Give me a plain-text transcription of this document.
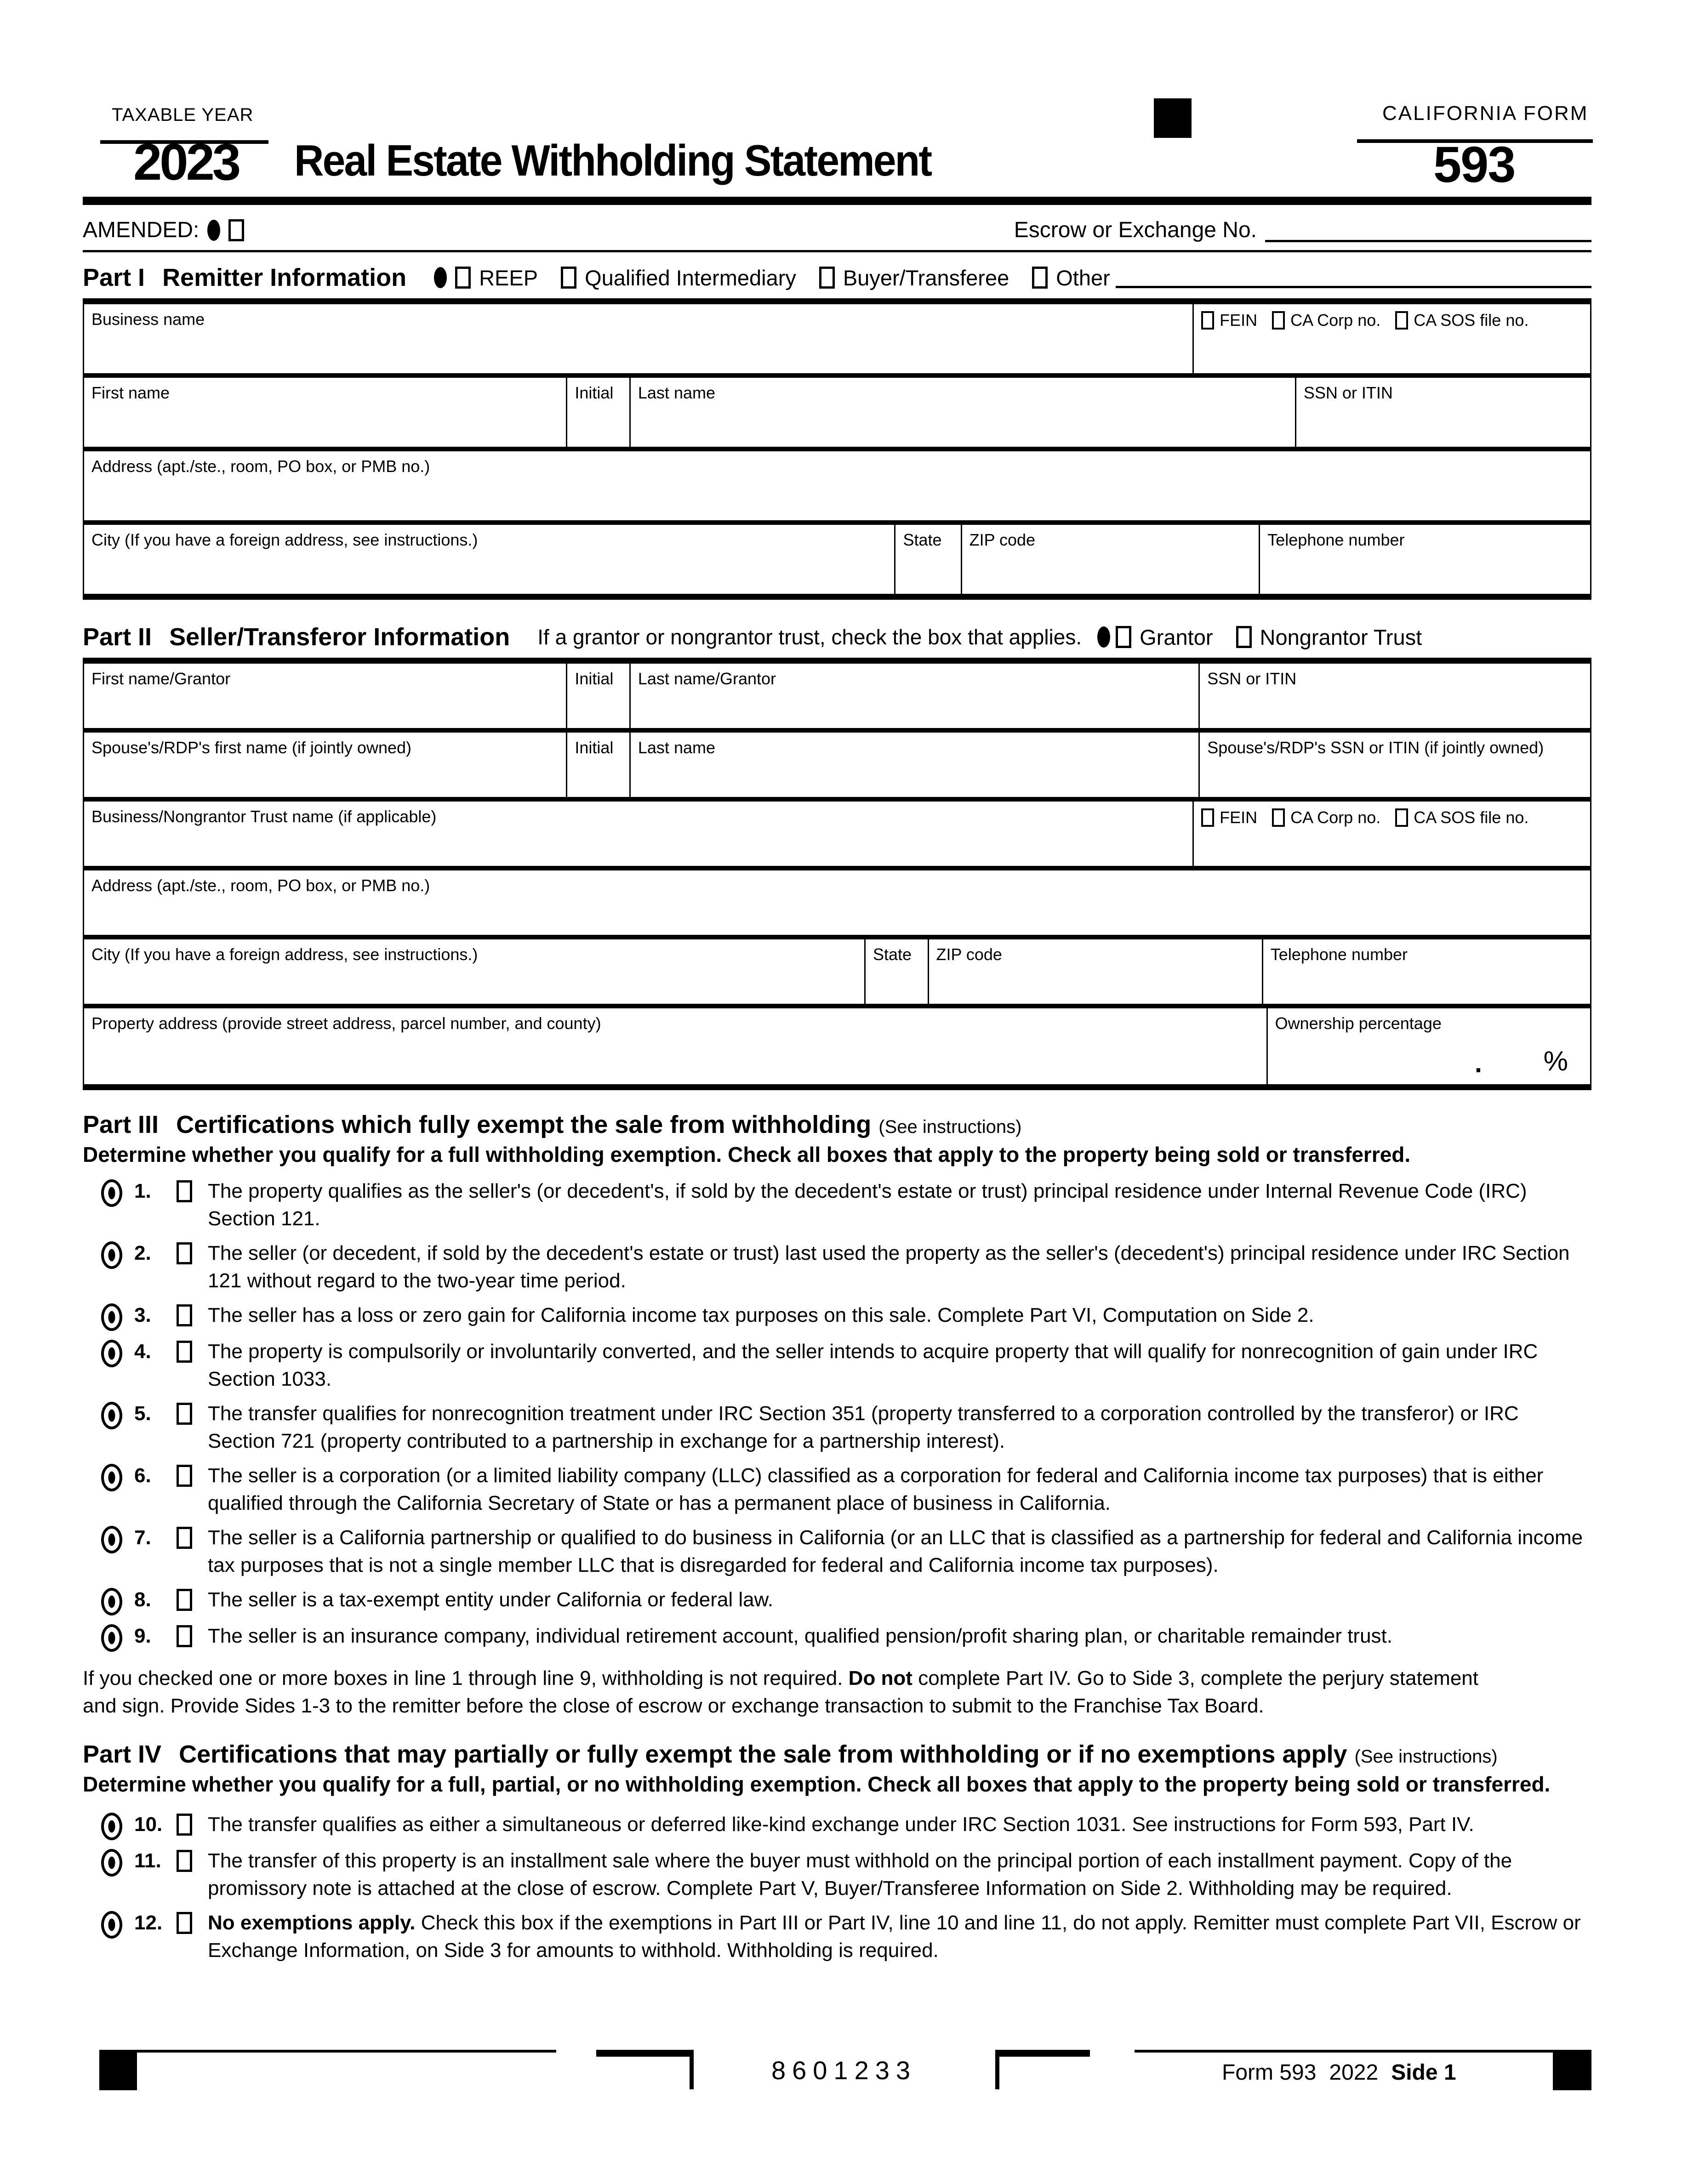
TAXABLE YEAR
2023 Real Estate Withholding Statement
CALIFORNIA FORM
593
AMENDED:	Escrow or Exchange No.
Part I Remitter Information	REEP Qualified Intermediary Buyer/Transferee Other
Business name	FEIN CA Corp no. CA SOS file no.
First name	Initial	Last name	SSN or ITIN
Address (apt./ste., room, PO box, or PMB no.)
City (If you have a foreign address, see instructions.)	State	ZIP code	Telephone number
Part II Seller/Transferor Information If a grantor or nongrantor trust, check the box that applies.	Grantor Nongrantor Trust
First name/Grantor	Initial	Last name/Grantor	SSN or ITIN
Spouse's/RDP's first name (if jointly owned)	Initial	Last name	Spouse's/RDP's SSN or ITIN (if jointly owned)
Business/Nongrantor Trust name (if applicable)	FEIN CA Corp no. CA SOS file no.
Address (apt./ste., room, PO box, or PMB no.)
City (If you have a foreign address, see instructions.)	State	ZIP code	Telephone number
Property address (provide street address, parcel number, and county)	Ownership percentage
. %
Part III Certifications which fully exempt the sale from withholding (See instructions)
Determine whether you qualify for a full withholding exemption. Check all boxes that apply to the property being sold or transferred.
1.	The property qualifies as the seller's (or decedent's, if sold by the decedent's estate or trust) principal residence under Internal Revenue Code (IRC) Section 121.
2.	The seller (or decedent, if sold by the decedent's estate or trust) last used the property as the seller's (decedent's) principal residence under IRC Section 121 without regard to the two-year time period.
3.	The seller has a loss or zero gain for California income tax purposes on this sale. Complete Part VI, Computation on Side 2.
4.	The property is compulsorily or involuntarily converted, and the seller intends to acquire property that will qualify for nonrecognition of gain under IRC Section 1033.
5.	The transfer qualifies for nonrecognition treatment under IRC Section 351 (property transferred to a corporation controlled by the transferor) or IRC Section 721 (property contributed to a partnership in exchange for a partnership interest).
6.	The seller is a corporation (or a limited liability company (LLC) classified as a corporation for federal and California income tax purposes) that is either qualified through the California Secretary of State or has a permanent place of business in California.
7.	The seller is a California partnership or qualified to do business in California (or an LLC that is classified as a partnership for federal and California income tax purposes that is not a single member LLC that is disregarded for federal and California income tax purposes).
8.	The seller is a tax-exempt entity under California or federal law.
9.	The seller is an insurance company, individual retirement account, qualified pension/profit sharing plan, or charitable remainder trust.
If you checked one or more boxes in line 1 through line 9, withholding is not required. Do not complete Part IV. Go to Side 3, complete the perjury statement and sign. Provide Sides 1-3 to the remitter before the close of escrow or exchange transaction to submit to the Franchise Tax Board.
Part IV Certifications that may partially or fully exempt the sale from withholding or if no exemptions apply (See instructions)
Determine whether you qualify for a full, partial, or no withholding exemption. Check all boxes that apply to the property being sold or transferred.
10.	The transfer qualifies as either a simultaneous or deferred like-kind exchange under IRC Section 1031. See instructions for Form 593, Part IV.
11.	The transfer of this property is an installment sale where the buyer must withhold on the principal portion of each installment payment. Copy of the promissory note is attached at the close of escrow. Complete Part V, Buyer/Transferee Information on Side 2. Withholding may be required.
12.	No exemptions apply. Check this box if the exemptions in Part III or Part IV, line 10 and line 11, do not apply. Remitter must complete Part VII, Escrow or Exchange Information, on Side 3 for amounts to withhold. Withholding is required.
8601233	Form 593 2022 Side 1
